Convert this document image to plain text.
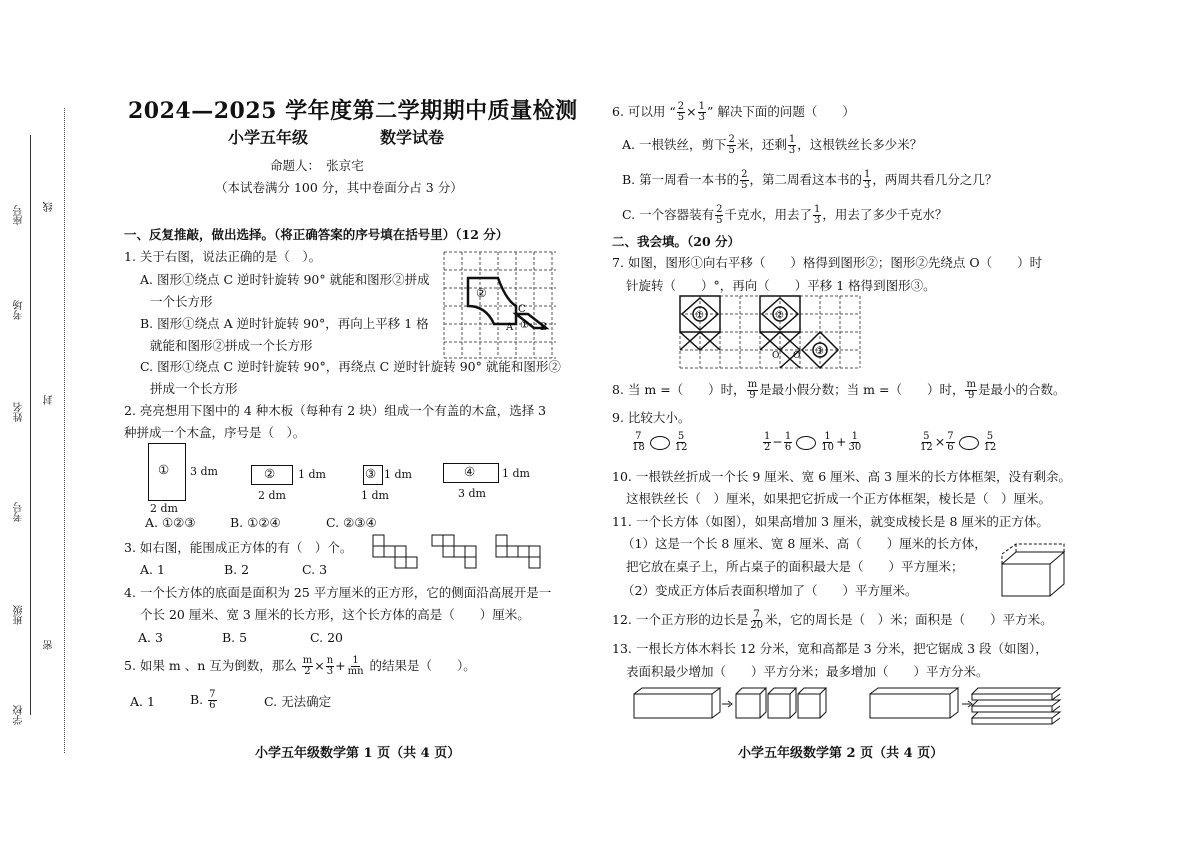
密
封
线
座号
考场
姓名
考号
班级
学校
2024—2025 学年度第二学期期中质量检测
小学五年级	数学试卷
命题人：　张京宅
（本试卷满分 100 分，其中卷面分占 3 分）
一、反复推敲，做出选择。（将正确答案的序号填在括号里）（12 分）
1. 关于右图，说法正确的是（　）。
A. 图形①绕点 C 逆时针旋转 90° 就能和图形②拼成
一个长方形
B. 图形①绕点 A 逆时针旋转 90°，再向上平移 1 格
就能和图形②拼成一个长方形
C. 图形①绕点 C 逆时针旋转 90°，再绕点 C 逆时针旋转 90° 就能和图形②
拼成一个长方形
②
C
A ① B
2. 亮亮想用下图中的 4 种木板（每种有 2 块）组成一个有盖的木盒，选择 3
种拼成一个木盒，序号是（　）。
① 3 dm
2 dm
② 1 dm
2 dm
③ 1 dm
1 dm
④ 1 dm
3 dm
A. ①②③	B. ①②④	C. ②③④
3. 如右图，能围成正方体的有（　）个。
A. 1	B. 2	C. 3
4. 一个长方体的底面是面积为 25 平方厘米的正方形，它的侧面沿高展开是一
个长 20 厘米、宽 3 厘米的长方形，这个长方体的高是（　　）厘米。
A. 3	B. 5	C. 20
5. 如果 m 、n 互为倒数，那么 $\frac{m}{2} \times \frac{n}{3} + \frac{1}{mn}$ 的结果是（　　）。
A. 1	B. $\frac{7}{6}$	C. 无法确定
小学五年级数学第 1 页（共 4 页）
6. 可以用 “ $\frac{2}{5} \times \frac{1}{3}$ ” 解决下面的问题（　　）
A. 一根铁丝，剪下 $\frac{2}{5}$ 米，还剩 $\frac{1}{3}$ ，这根铁丝长多少米？
B. 第一周看一本书的 $\frac{2}{5}$ ，第二周看这本书的 $\frac{1}{3}$ ，两周共看几分之几？
C. 一个容器装有 $\frac{2}{5}$ 千克水，用去了 $\frac{1}{3}$ ，用去了多少千克水？
二、我会填。（20 分）
7. 如图，图形①向右平移（　　）格得到图形②；图形②先绕点 O（　　）时
针旋转（　　）°，再向（　　）平移 1 格得到图形③。
①	②
③
O O
8. 当 m =（　　）时， $\frac{m}{9}$ 是最小假分数；当 m =（　　）时， $\frac{m}{9}$ 是最小的合数。
9. 比较大小。
$\frac{7}{18}$	$\frac{5}{12}$	$\frac{1}{2} - \frac{1}{6}$	$\frac{1}{10} + \frac{1}{30}$	$\frac{5}{12} \times \frac{7}{6}$	$\frac{5}{12}$
10. 一根铁丝折成一个长 9 厘米、宽 6 厘米、高 3 厘米的长方体框架，没有剩余。
这根铁丝长（　）厘米，如果把它折成一个正方体框架，棱长是（　）厘米。
11. 一个长方体（如图），如果高增加 3 厘米，就变成棱长是 8 厘米的正方体。
（1）这是一个长 8 厘米、宽 8 厘米、高（　　）厘米的长方体，
把它放在桌子上，所占桌子的面积最大是（　　）平方厘米；
（2）变成正方体后表面积增加了（　　）平方厘米。
12. 一个正方形的边长是 $\frac{7}{20}$ 米，它的周长是（　）米；面积是（　　）平方米。
13. 一根长方体木料长 12 分米，宽和高都是 3 分米，把它锯成 3 段（如图），
表面积最少增加（　　）平方分米；最多增加（　　）平方分米。
小学五年级数学第 2 页（共 4 页）
